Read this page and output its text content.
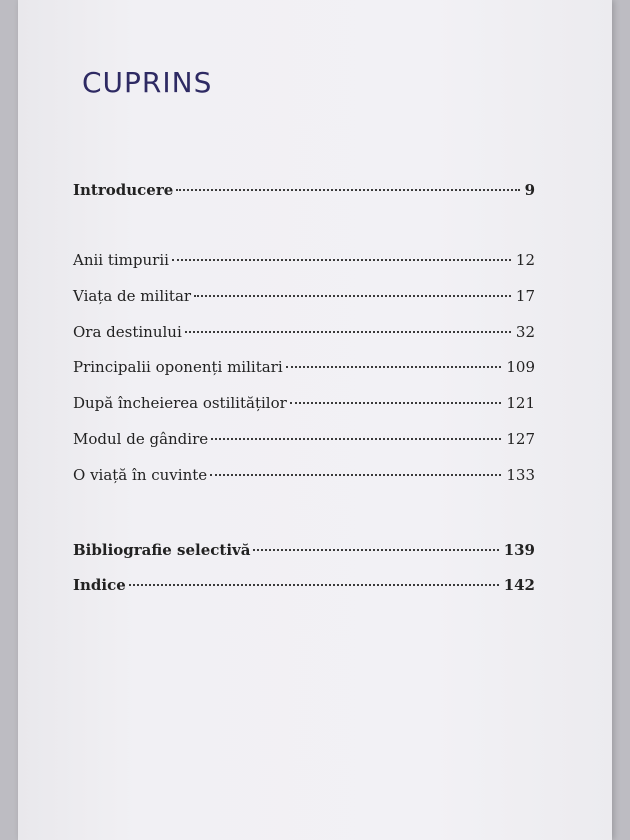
CUPRINS
Introducere	9
Anii timpurii	12
Viața de militar	17
Ora destinului	32
Principalii oponenți militari	109
După încheierea ostilităților	121
Modul de gândire	127
O viață în cuvinte	133
Bibliografie selectivă	139
Indice	142
